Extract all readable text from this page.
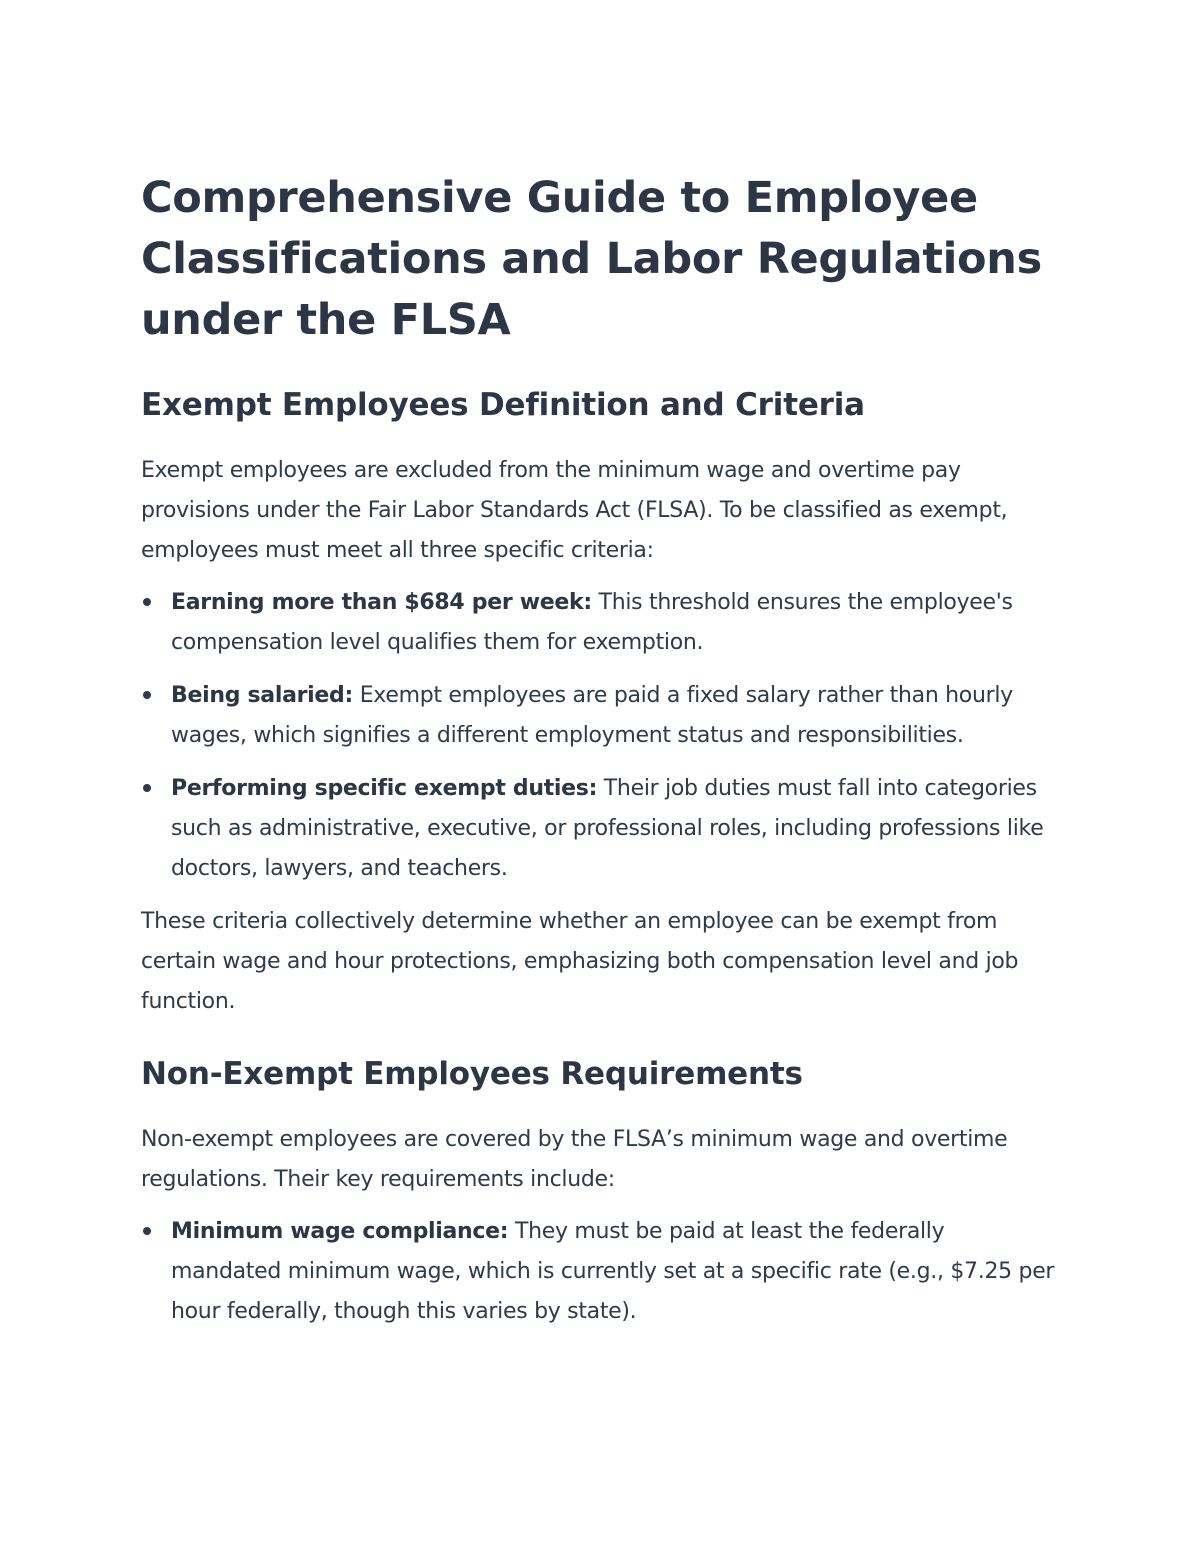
Comprehensive Guide to Employee Classifications and Labor Regulations under the FLSA
Exempt Employees Definition and Criteria

Exempt employees are excluded from the minimum wage and overtime pay provisions under the Fair Labor Standards Act (FLSA). To be classified as exempt, employees must meet all three specific criteria:

Earning more than $684 per week: This threshold ensures the employee's compensation level qualifies them for exemption.
Being salaried: Exempt employees are paid a fixed salary rather than hourly wages, which signifies a different employment status and responsibilities.
Performing specific exempt duties: Their job duties must fall into categories such as administrative, executive, or professional roles, including professions like doctors, lawyers, and teachers.

These criteria collectively determine whether an employee can be exempt from certain wage and hour protections, emphasizing both compensation level and job function.

Non-Exempt Employees Requirements

Non-exempt employees are covered by the FLSA’s minimum wage and overtime regulations. Their key requirements include:

Minimum wage compliance: They must be paid at least the federally mandated minimum wage, which is currently set at a specific rate (e.g., $7.25 per hour federally, though this varies by state).
